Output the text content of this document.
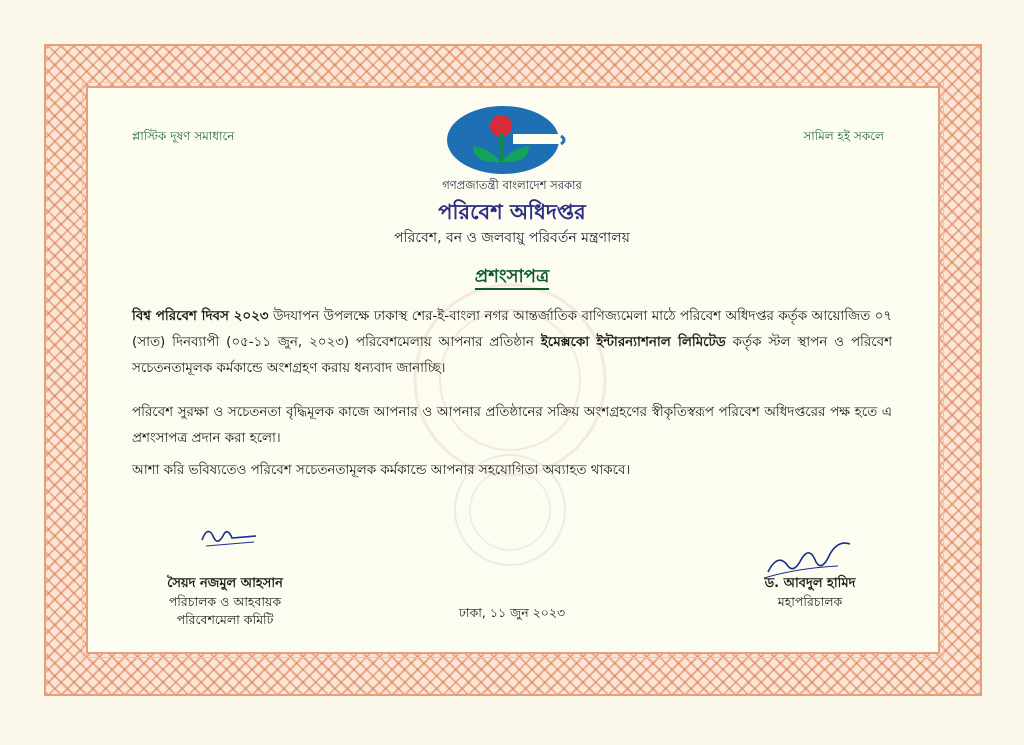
প্লাস্টিক দূষণ সমাধানে	সামিল হই সকলে
গণপ্রজাতন্ত্রী বাংলাদেশ সরকার
পরিবেশ অধিদপ্তর
পরিবেশ, বন ও জলবায়ু পরিবর্তন মন্ত্রণালয়
প্রশংসাপত্র
বিশ্ব পরিবেশ দিবস ২০২৩ উদযাপন উপলক্ষে ঢাকাস্থ শের-ই-বাংলা নগর আন্তর্জাতিক বাণিজ্যমেলা মাঠে পরিবেশ অধিদপ্তর কর্তৃক আয়োজিত ০৭ (সাত) দিনব্যাপী (০৫-১১ জুন, ২০২৩) পরিবেশমেলায় আপনার প্রতিষ্ঠান ইমেক্সকো ইন্টারন্যাশনাল লিমিটেড কর্তৃক স্টল স্থাপন ও পরিবেশ সচেতনতামূলক কর্মকান্ডে অংশগ্রহণ করায় ধন্যবাদ জানাচ্ছি।
পরিবেশ সুরক্ষা ও সচেতনতা বৃদ্ধিমূলক কাজে আপনার ও আপনার প্রতিষ্ঠানের সক্রিয় অংশগ্রহণের স্বীকৃতিস্বরূপ পরিবেশ অধিদপ্তরের পক্ষ হতে এ প্রশংসাপত্র প্রদান করা হলো।
আশা করি ভবিষ্যতেও পরিবেশ সচেতনতামূলক কর্মকান্ডে আপনার সহযোগিতা অব্যাহত থাকবে।
সৈয়দ নজমুল আহসান
পরিচালক ও আহবায়ক
পরিবেশমেলা কমিটি	ঢাকা, ১১ জুন ২০২৩
ড. আবদুল হামিদ
মহাপরিচালক
